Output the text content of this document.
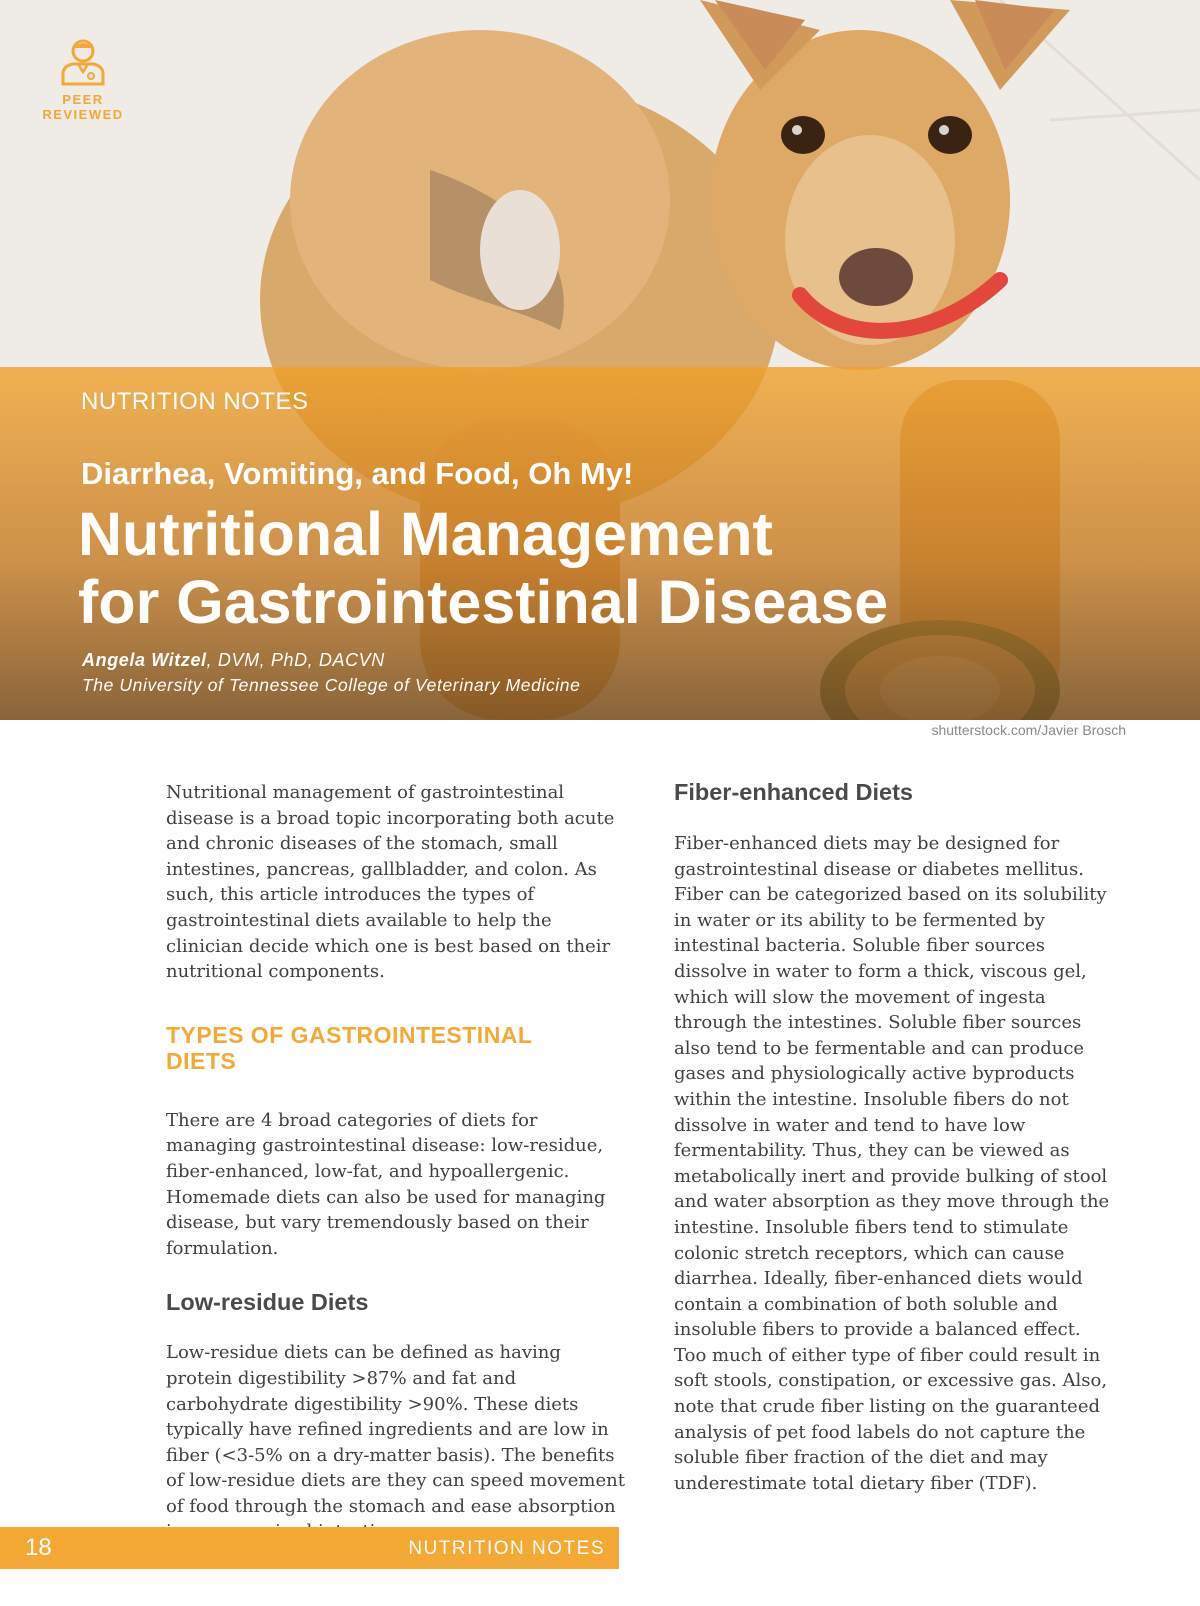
PEER
REVIEWED
NUTRITION NOTES
Diarrhea, Vomiting, and Food, Oh My!
Nutritional Management
for Gastrointestinal Disease
Angela Witzel, DVM, PhD, DACVN
The University of Tennessee College of Veterinary Medicine
shutterstock.com/Javier Brosch

Nutritional management of gastrointestinal disease is a broad topic incorporating both acute and chronic diseases of the stomach, small intestines, pancreas, gallbladder, and colon. As such, this article introduces the types of gastrointestinal diets available to help the clinician decide which one is best based on their nutritional components.

TYPES OF GASTROINTESTINAL
DIETS

There are 4 broad categories of diets for managing gastrointestinal disease: low-residue, fiber-enhanced, low-fat, and hypoallergenic. Homemade diets can also be used for managing disease, but vary tremendously based on their formulation.

Low-residue Diets

Low-residue diets can be defined as having protein digestibility >87% and fat and carbohydrate digestibility >90%. These diets typically have refined ingredients and are low in fiber (<3-5% on a dry-matter basis). The benefits of low-residue diets are they can speed movement of food through the stomach and ease absorption

Fiber-enhanced Diets

Fiber-enhanced diets may be designed for gastrointestinal disease or diabetes mellitus. Fiber can be categorized based on its solubility in water or its ability to be fermented by intestinal bacteria. Soluble fiber sources dissolve in water to form a thick, viscous gel, which will slow the movement of ingesta through the intestines. Soluble fiber sources also tend to be fermentable and can produce gases and physiologically active byproducts within the intestine. Insoluble fibers do not dissolve in water and tend to have low fermentability. Thus, they can be viewed as metabolically inert and provide bulking of stool and water absorption as they move through the intestine. Insoluble fibers tend to stimulate colonic stretch receptors, which can cause diarrhea. Ideally, fiber-enhanced diets would contain a combination of both soluble and insoluble fibers to provide a balanced effect. Too much of either type of fiber could result in soft stools, constipation, or excessive gas. Also, note that crude fiber listing on the guaranteed analysis of pet food labels do not capture the soluble fiber fraction of the diet and may underestimate total dietary fiber (TDF).

18	NUTRITION NOTES
